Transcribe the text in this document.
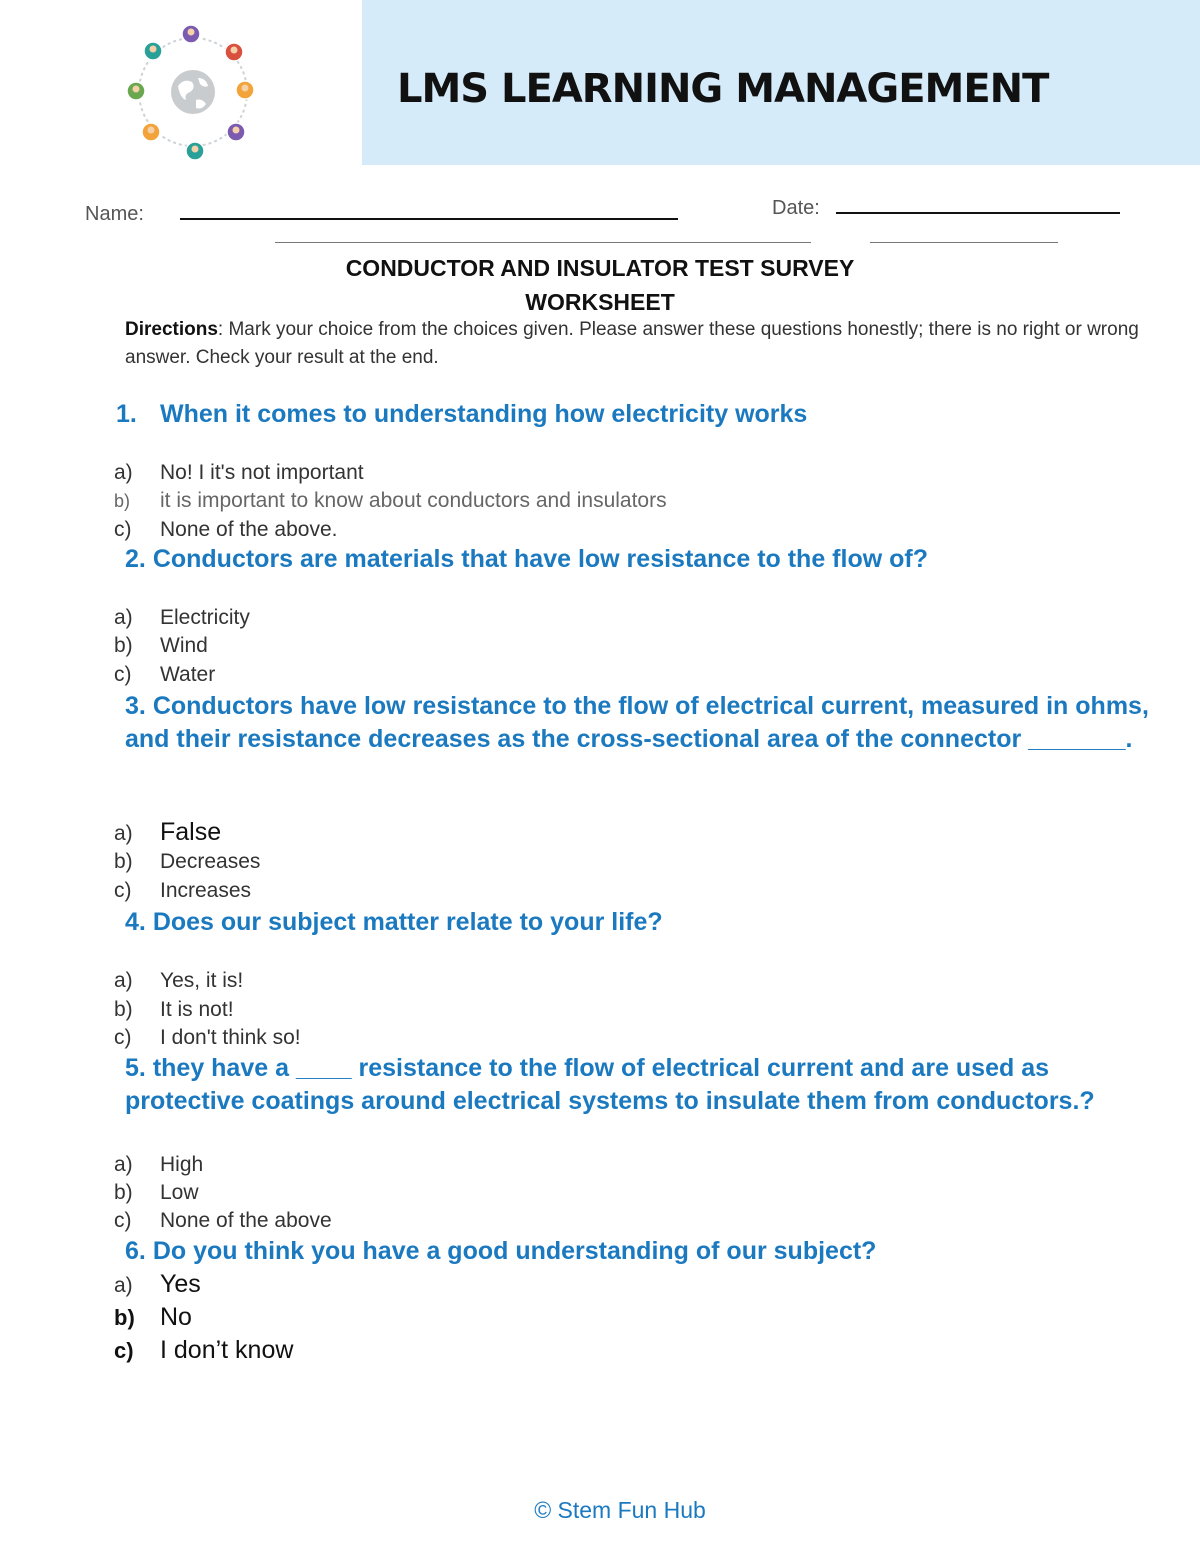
LMS LEARNING MANAGEMENT
Name:	Date:
CONDUCTOR AND INSULATOR TEST SURVEY
WORKSHEET
Directions: Mark your choice from the choices given. Please answer these questions honestly; there is no right or wrong answer. Check your result at the end.
1. When it comes to understanding how electricity works
a) No! I it's not important
b) it is important to know about conductors and insulators
c) None of the above.
2. Conductors are materials that have low resistance to the flow of?
a) Electricity
b) Wind
c) Water
3. Conductors have low resistance to the flow of electrical current, measured in ohms, and their resistance decreases as the cross-sectional area of the connector _______.
a) False
b) Decreases
c) Increases
4. Does our subject matter relate to your life?
a) Yes, it is!
b) It is not!
c) I don't think so!
5. they have a ____ resistance to the flow of electrical current and are used as protective coatings around electrical systems to insulate them from conductors.?
a) High
b) Low
c) None of the above
6. Do you think you have a good understanding of our subject?
a) Yes
b) No
c) I don’t know
© Stem Fun Hub
